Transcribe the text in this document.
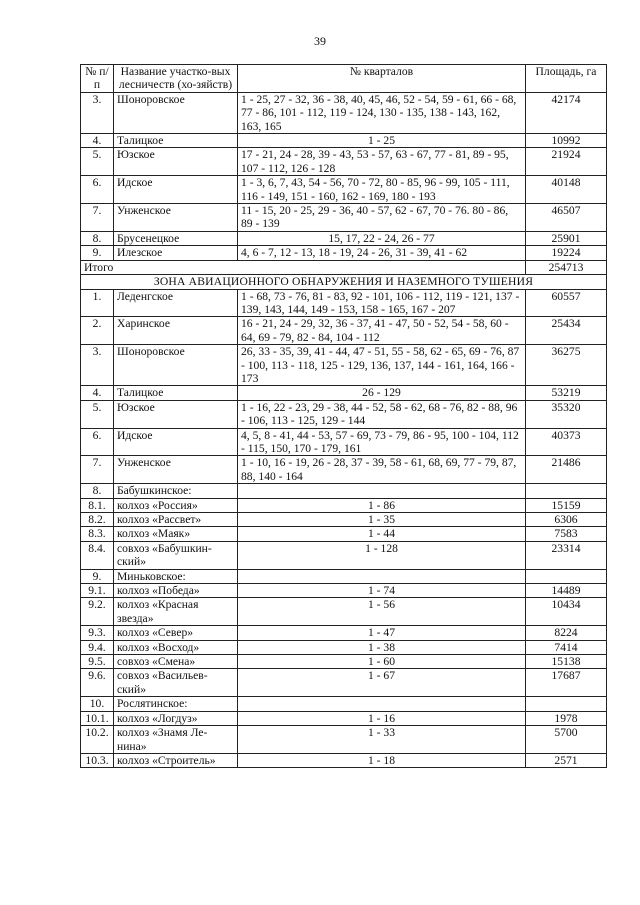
39
№ п/п	Название участко-вых лесничеств (хо-зяйств)	№ кварталов	Площадь, га
3.	Шоноровское	1 - 25, 27 - 32, 36 - 38, 40, 45, 46, 52 - 54, 59 - 61, 66 - 68, 77 - 86, 101 - 112, 119 - 124, 130 - 135, 138 - 143, 162, 163, 165	42174
4.	Талицкое	1 - 25	10992
5.	Юзское	17 - 21, 24 - 28, 39 - 43, 53 - 57, 63 - 67, 77 - 81, 89 - 95, 107 - 112, 126 - 128	21924
6.	Идское	1 - 3, 6, 7, 43, 54 - 56, 70 - 72, 80 - 85, 96 - 99, 105 - 111, 116 - 149, 151 - 160, 162 - 169, 180 - 193	40148
7.	Унженское	11 - 15, 20 - 25, 29 - 36, 40 - 57, 62 - 67, 70 - 76. 80 - 86, 89 - 139	46507
8.	Брусенецкое	15, 17, 22 - 24, 26 - 77	25901
9.	Илезское	4, 6 - 7, 12 - 13, 18 - 19, 24 - 26, 31 - 39, 41 - 62	19224
Итого			254713
ЗОНА АВИАЦИОННОГО ОБНАРУЖЕНИЯ И НАЗЕМНОГО ТУШЕНИЯ			
1.	Леденгское	1 - 68, 73 - 76, 81 - 83, 92 - 101, 106 - 112, 119 - 121, 137 - 139, 143, 144, 149 - 153, 158 - 165, 167 - 207	60557
2.	Харинское	16 - 21, 24 - 29, 32, 36 - 37, 41 - 47, 50 - 52, 54 - 58, 60 - 64, 69 - 79, 82 - 84, 104 - 112	25434
3.	Шоноровское	26, 33 - 35, 39, 41 - 44, 47 - 51, 55 - 58, 62 - 65, 69 - 76, 87 - 100, 113 - 118, 125 - 129, 136, 137, 144 - 161, 164, 166 - 173	36275
4.	Талицкое	26 - 129	53219
5.	Юзское	1 - 16, 22 - 23, 29 - 38, 44 - 52, 58 - 62, 68 - 76, 82 - 88, 96 - 106, 113 - 125, 129 - 144	35320
6.	Идское	4, 5, 8 - 41, 44 - 53, 57 - 69, 73 - 79, 86 - 95, 100 - 104, 112 - 115, 150, 170 - 179, 161	40373
7.	Унженское	1 - 10, 16 - 19, 26 - 28, 37 - 39, 58 - 61, 68, 69, 77 - 79, 87, 88, 140 - 164	21486
8.	Бабушкинское:		
8.1.	колхоз «Россия»	1 - 86	15159
8.2.	колхоз «Рассвет»	1 - 35	6306
8.3.	колхоз «Маяк»	1 - 44	7583
8.4.	совхоз «Бабушкин-ский»	1 - 128	23314
9.	Миньковское:		
9.1.	колхоз «Победа»	1 - 74	14489
9.2.	колхоз «Красная звезда»	1 - 56	10434
9.3.	колхоз «Север»	1 - 47	8224
9.4.	колхоз «Восход»	1 - 38	7414
9.5.	совхоз «Смена»	1 - 60	15138
9.6.	совхоз «Васильев-ский»	1 - 67	17687
10.	Рослятинское:		
10.1.	колхоз «Логдуз»	1 - 16	1978
10.2.	колхоз «Знамя Ле-нина»	1 - 33	5700
10.3.	колхоз «Строитель»	1 - 18	2571
